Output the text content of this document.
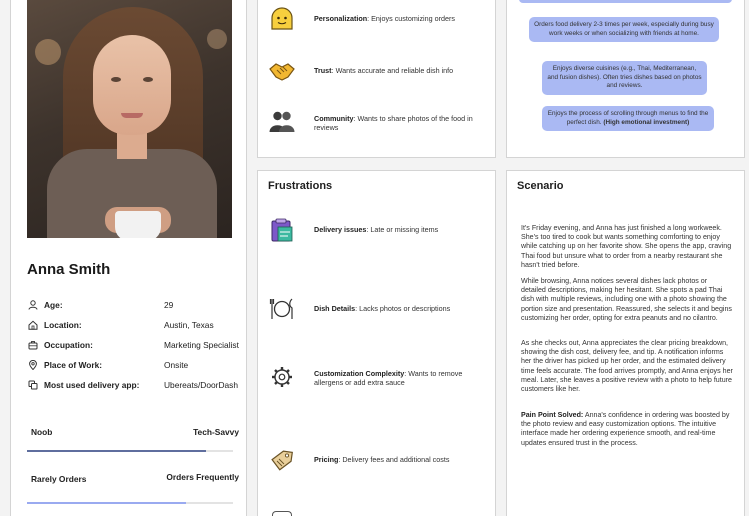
Anna Smith
Age:	29
Location:	Austin, Texas
Occupation:	Marketing Specialist
Place of Work:	Onsite
Most used delivery app:	Ubereats/DoorDash
Noob	Tech-Savvy
Rarely Orders	Orders Frequently
Personalization: Enjoys customizing orders
Trust: Wants accurate and reliable dish info
Community: Wants to share photos of the food in reviews
Frustrations
Delivery issues: Late or missing items
Dish Details: Lacks photos or descriptions
Customization Complexity: Wants to remove allergens or add extra sauce
Pricing: Delivery fees and additional costs
Orders food delivery 2-3 times per week, especially during busy work weeks or when socializing with friends at home.
Enjoys diverse cuisines (e.g., Thai, Mediterranean, and fusion dishes). Often tries dishes based on photos and reviews.
Enjoys the process of scrolling through menus to find the perfect dish. (High emotional investment)
Scenario

It's Friday evening, and Anna has just finished a long workweek. She's too tired to cook but wants something comforting to enjoy while catching up on her favorite show. She opens the app, craving Thai food but unsure what to order from a nearby restaurant she hasn't tried before.

While browsing, Anna notices several dishes lack photos or detailed descriptions, making her hesitant. She spots a pad Thai dish with multiple reviews, including one with a photo showing the portion size and presentation. Reassured, she selects it and begins customizing her order, opting for extra peanuts and no cilantro.

As she checks out, Anna appreciates the clear pricing breakdown, showing the dish cost, delivery fee, and tip. A notification informs her the driver has picked up her order, and the estimated delivery time feels accurate. The food arrives promptly, and Anna enjoys her meal. Later, she leaves a positive review with a photo to help future customers like her.

Pain Point Solved: Anna's confidence in ordering was boosted by the photo review and easy customization options. The intuitive interface made her ordering experience smooth, and real-time updates ensured trust in the process.
